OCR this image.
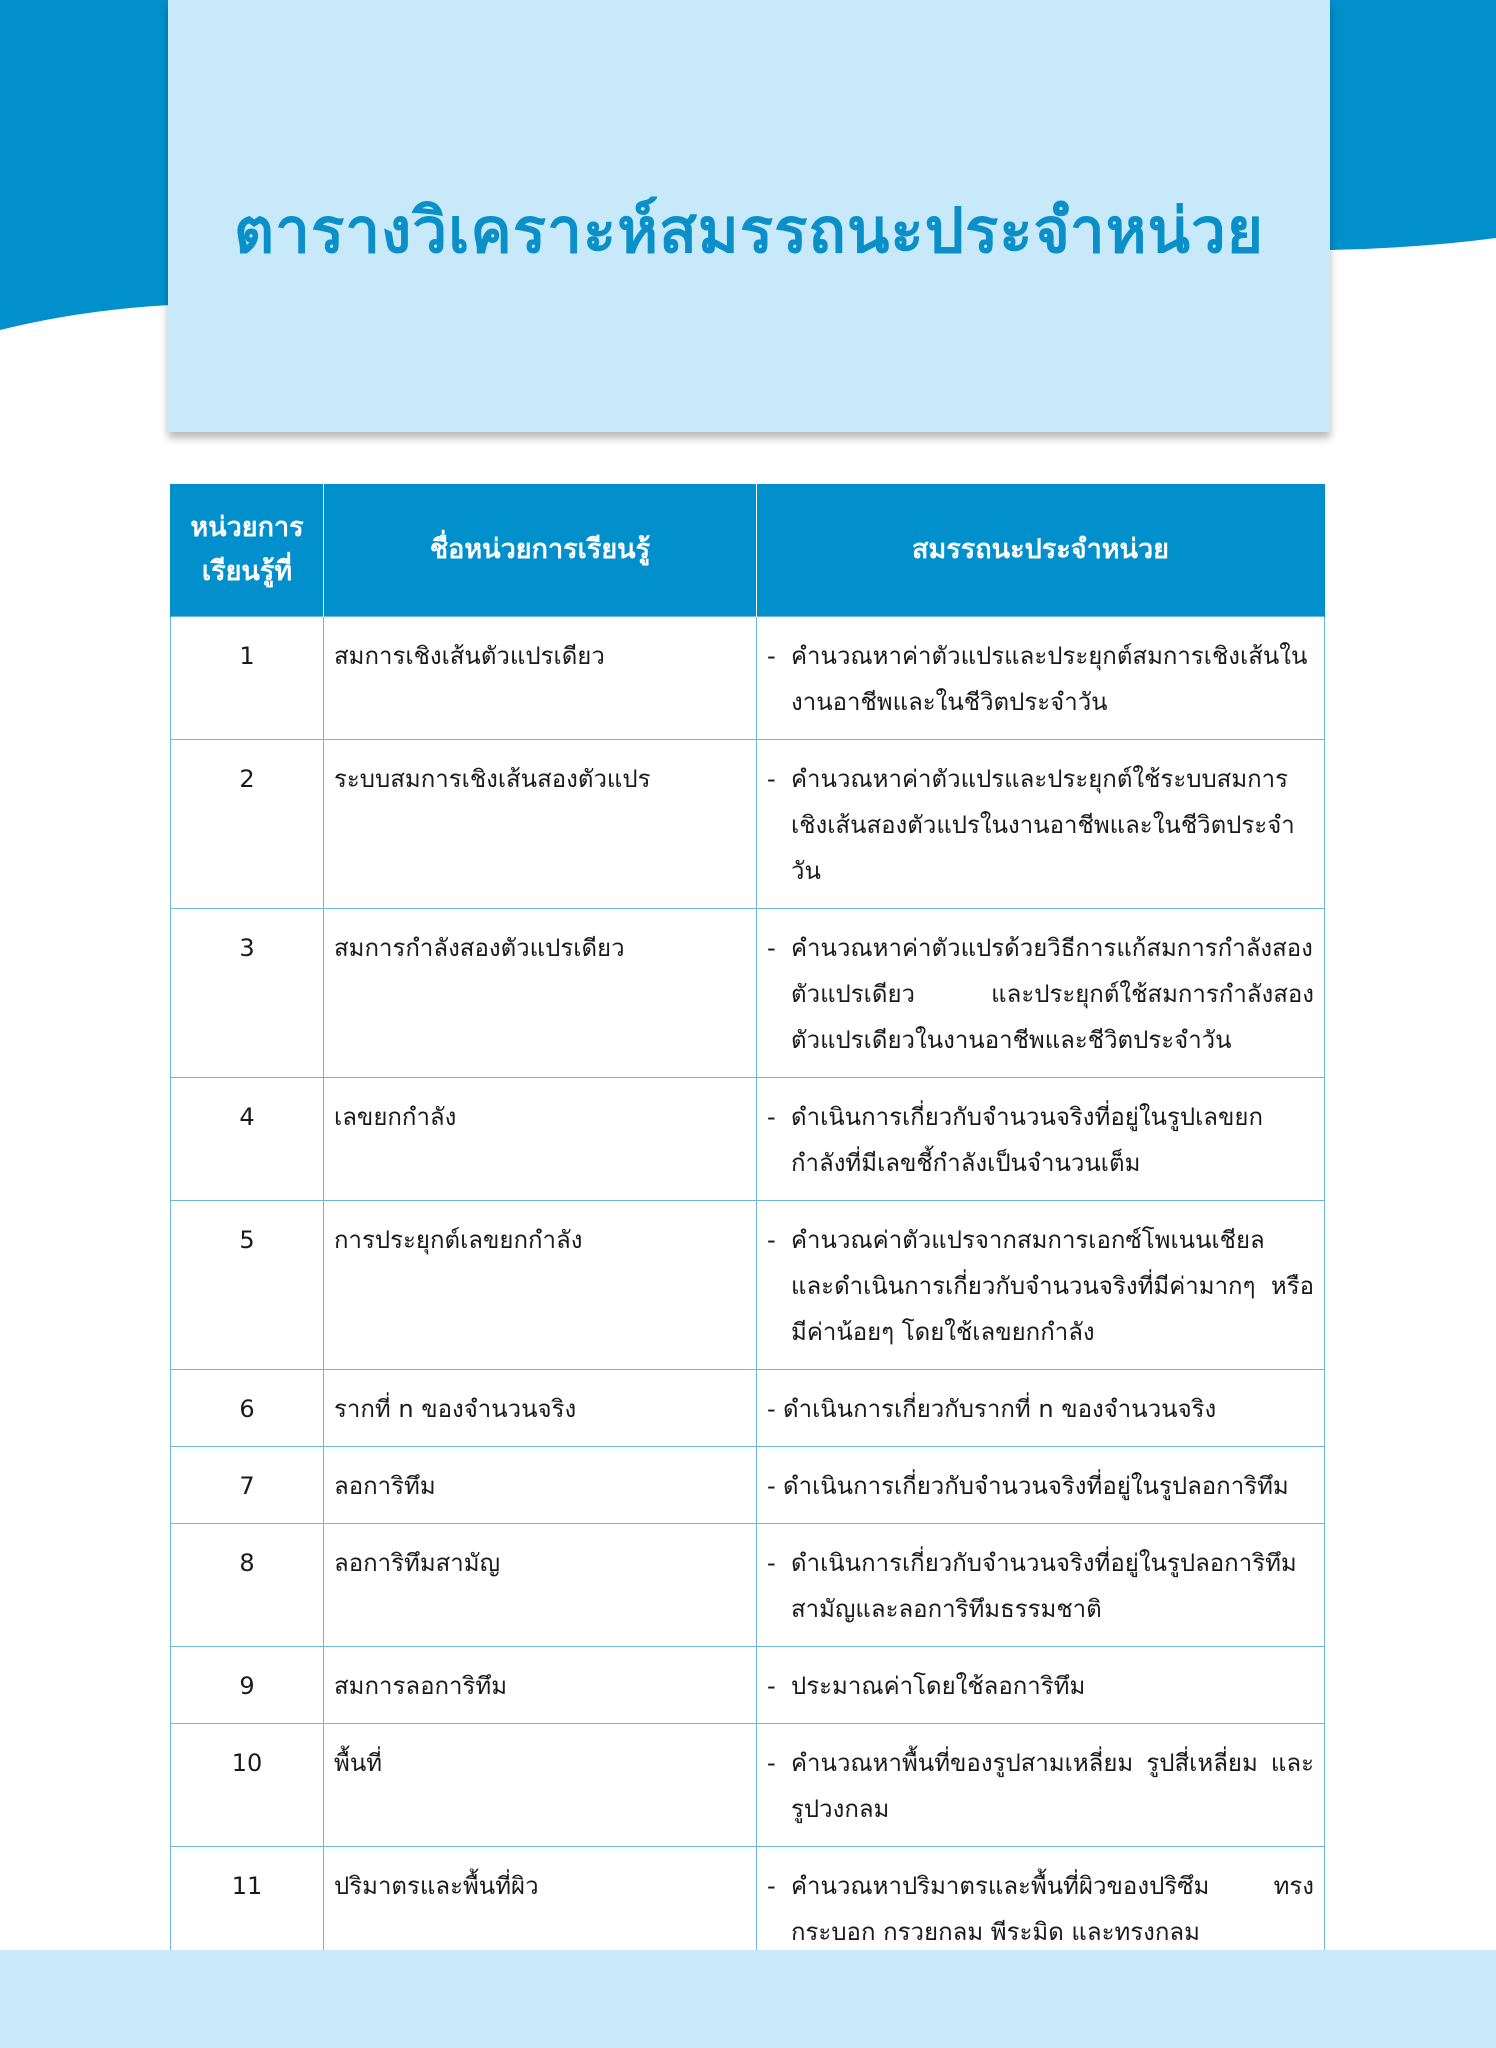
ตารางวิเคราะห์สมรรถนะประจำหน่วย
หน่วยการเรียนรู้ที่	ชื่อหน่วยการเรียนรู้	สมรรถนะประจำหน่วย
1	สมการเชิงเส้นตัวแปรเดียว	- คำนวณหาค่าตัวแปรและประยุกต์สมการเชิงเส้นในงานอาชีพและในชีวิตประจำวัน

2	ระบบสมการเชิงเส้นสองตัวแปร	- คำนวณหาค่าตัวแปรและประยุกต์ใช้ระบบสมการเชิงเส้นสองตัวแปรในงานอาชีพและในชีวิตประจำวัน

3	สมการกำลังสองตัวแปรเดียว	- คำนวณหาค่าตัวแปรด้วยวิธีการแก้สมการกำลังสองตัวแปรเดียว และประยุกต์ใช้สมการกำลังสองตัวแปรเดียวในงานอาชีพและชีวิตประจำวัน

4	เลขยกกำลัง	- ดำเนินการเกี่ยวกับจำนวนจริงที่อยู่ในรูปเลขยกกำลังที่มีเลขชี้กำลังเป็นจำนวนเต็ม

5	การประยุกต์เลขยกกำลัง	- คำนวณค่าตัวแปรจากสมการเอกซ์โพเนนเชียล และดำเนินการเกี่ยวกับจำนวนจริงที่มีค่ามากๆ หรือมีค่าน้อยๆ โดยใช้เลขยกกำลัง

6	รากที่ n ของจำนวนจริง	- ดำเนินการเกี่ยวกับรากที่ n ของจำนวนจริง

7	ลอการิทึม	- ดำเนินการเกี่ยวกับจำนวนจริงที่อยู่ในรูปลอการิทึม

8	ลอการิทึมสามัญ	- ดำเนินการเกี่ยวกับจำนวนจริงที่อยู่ในรูปลอการิทึมสามัญและลอการิทึมธรรมชาติ

9	สมการลอการิทึม	- ประมาณค่าโดยใช้ลอการิทึม

10	พื้นที่	- คำนวณหาพื้นที่ของรูปสามเหลี่ยม รูปสี่เหลี่ยม และรูปวงกลม

11	ปริมาตรและพื้นที่ผิว	- คำนวณหาปริมาตรและพื้นที่ผิวของปริซึม ทรงกระบอก กรวยกลม พีระมิด และทรงกลม
